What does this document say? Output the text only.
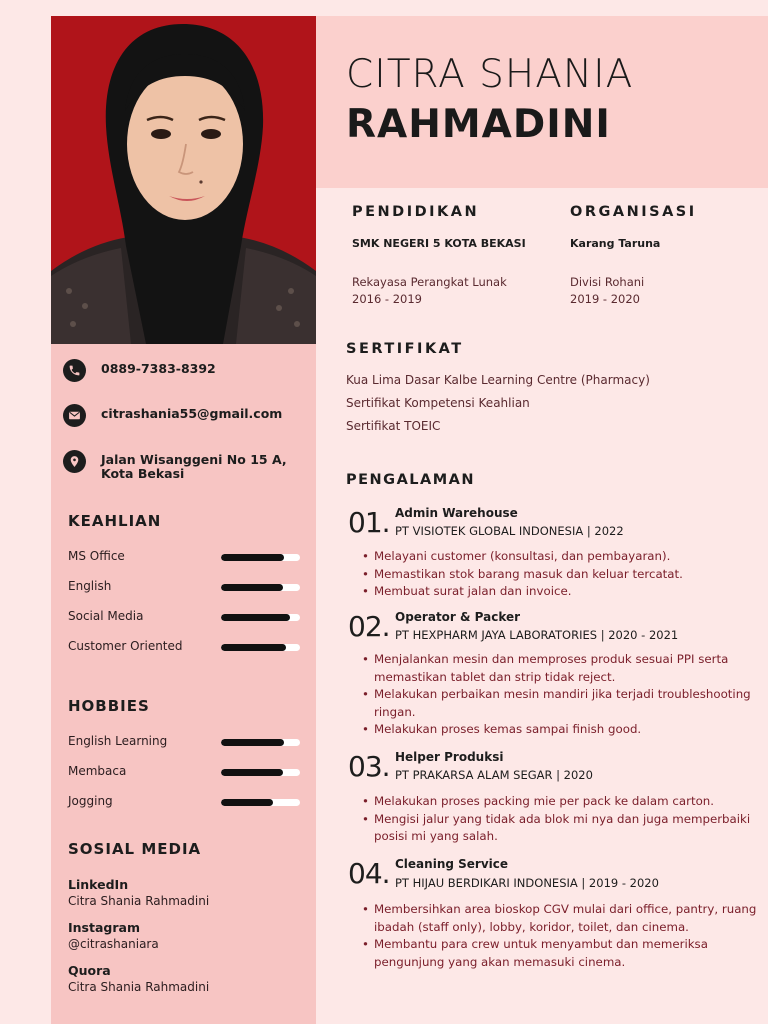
CITRA SHANIA
RAHMADINI
0889-7383-8392
citrashania55@gmail.com
Jalan Wisanggeni No 15 A,
Kota Bekasi
KEAHLIAN
MS Office
English
Social Media
Customer Oriented
HOBBIES
English Learning
Membaca
Jogging
SOSIAL MEDIA
LinkedIn
Citra Shania Rahmadini
Instagram
@citrashaniara
Quora
Citra Shania Rahmadini
PENDIDIKAN
SMK NEGERI 5 KOTA BEKASI
Rekayasa Perangkat Lunak
2016 - 2019
ORGANISASI
Karang Taruna
Divisi Rohani
2019 - 2020
SERTIFIKAT
Kua Lima Dasar Kalbe Learning Centre (Pharmacy)
Sertifikat Kompetensi Keahlian
Sertifikat TOEIC
PENGALAMAN
01. Admin Warehouse
PT VISIOTEK GLOBAL INDONESIA | 2022
• Melayani customer (konsultasi, dan pembayaran).
• Memastikan stok barang masuk dan keluar tercatat.
• Membuat surat jalan dan invoice.
02. Operator & Packer
PT HEXPHARM JAYA LABORATORIES | 2020 - 2021
• Menjalankan mesin dan memproses produk sesuai PPI serta memastikan tablet dan strip tidak reject.
• Melakukan perbaikan mesin mandiri jika terjadi troubleshooting ringan.
• Melakukan proses kemas sampai finish good.
03. Helper Produksi
PT PRAKARSA ALAM SEGAR | 2020
• Melakukan proses packing mie per pack ke dalam carton.
• Mengisi jalur yang tidak ada blok mi nya dan juga memperbaiki posisi mi yang salah.
04. Cleaning Service
PT HIJAU BERDIKARI INDONESIA | 2019 - 2020
• Membersihkan area bioskop CGV mulai dari office, pantry, ruang ibadah (staff only), lobby, koridor, toilet, dan cinema.
• Membantu para crew untuk menyambut dan memeriksa pengunjung yang akan memasuki cinema.
